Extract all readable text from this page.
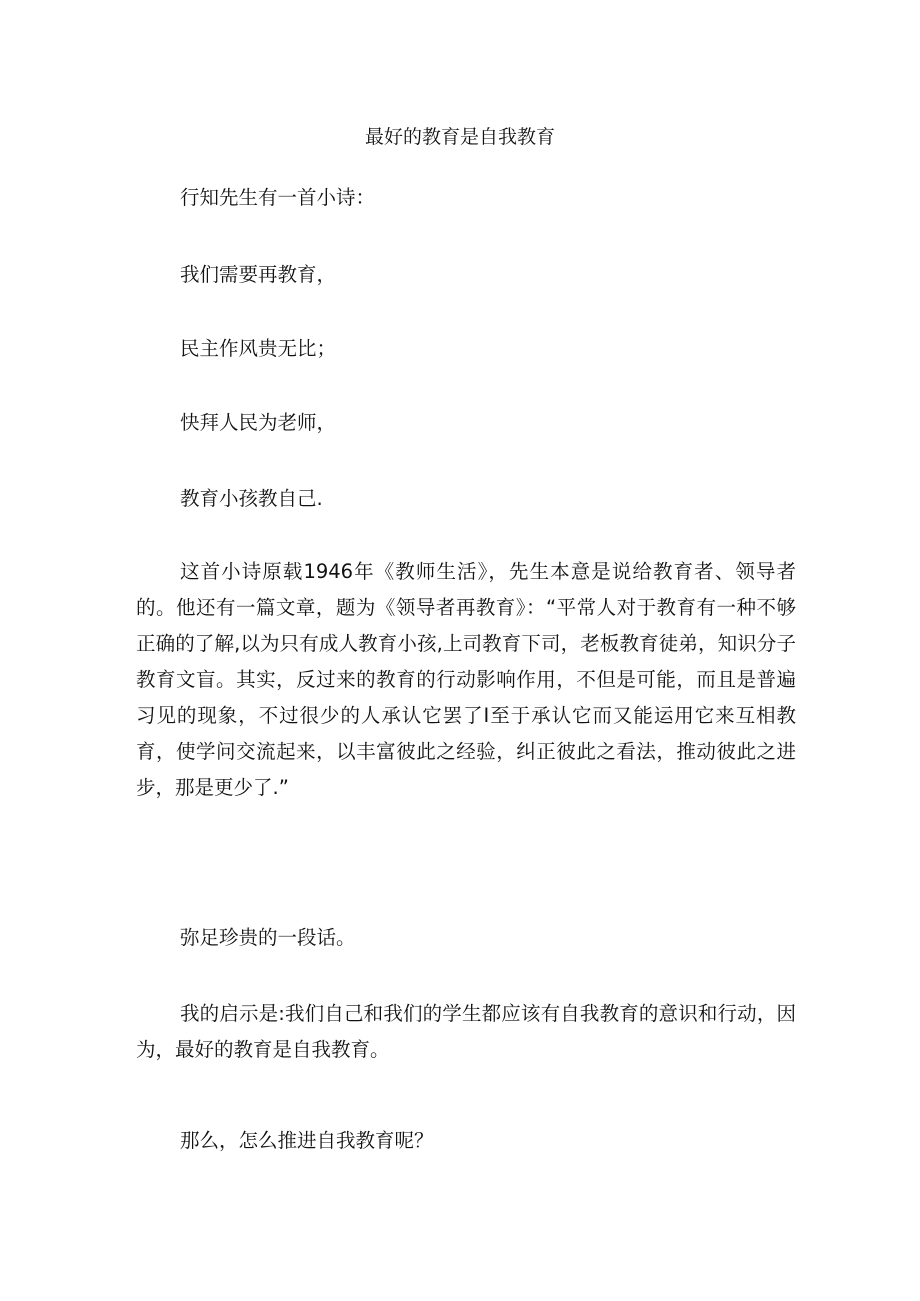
最好的教育是自我教育
行知先生有一首小诗：
我们需要再教育，
民主作风贵无比；
快拜人民为老师，
教育小孩教自己.
这首小诗原载1946年《教师生活》，先生本意是说给教育者、领导者的。他还有一篇文章，题为《领导者再教育》：“平常人对于教育有一种不够正确的了解,以为只有成人教育小孩,上司教育下司，老板教育徒弟，知识分子教育文盲。其实，反过来的教育的行动影响作用，不但是可能，而且是普遍习见的现象，不过很少的人承认它罢了I至于承认它而又能运用它来互相教育，使学问交流起来，以丰富彼此之经验，纠正彼此之看法，推动彼此之进步，那是更少了.”
弥足珍贵的一段话。
我的启示是:我们自己和我们的学生都应该有自我教育的意识和行动，因为，最好的教育是自我教育。
那么，怎么推进自我教育呢？
